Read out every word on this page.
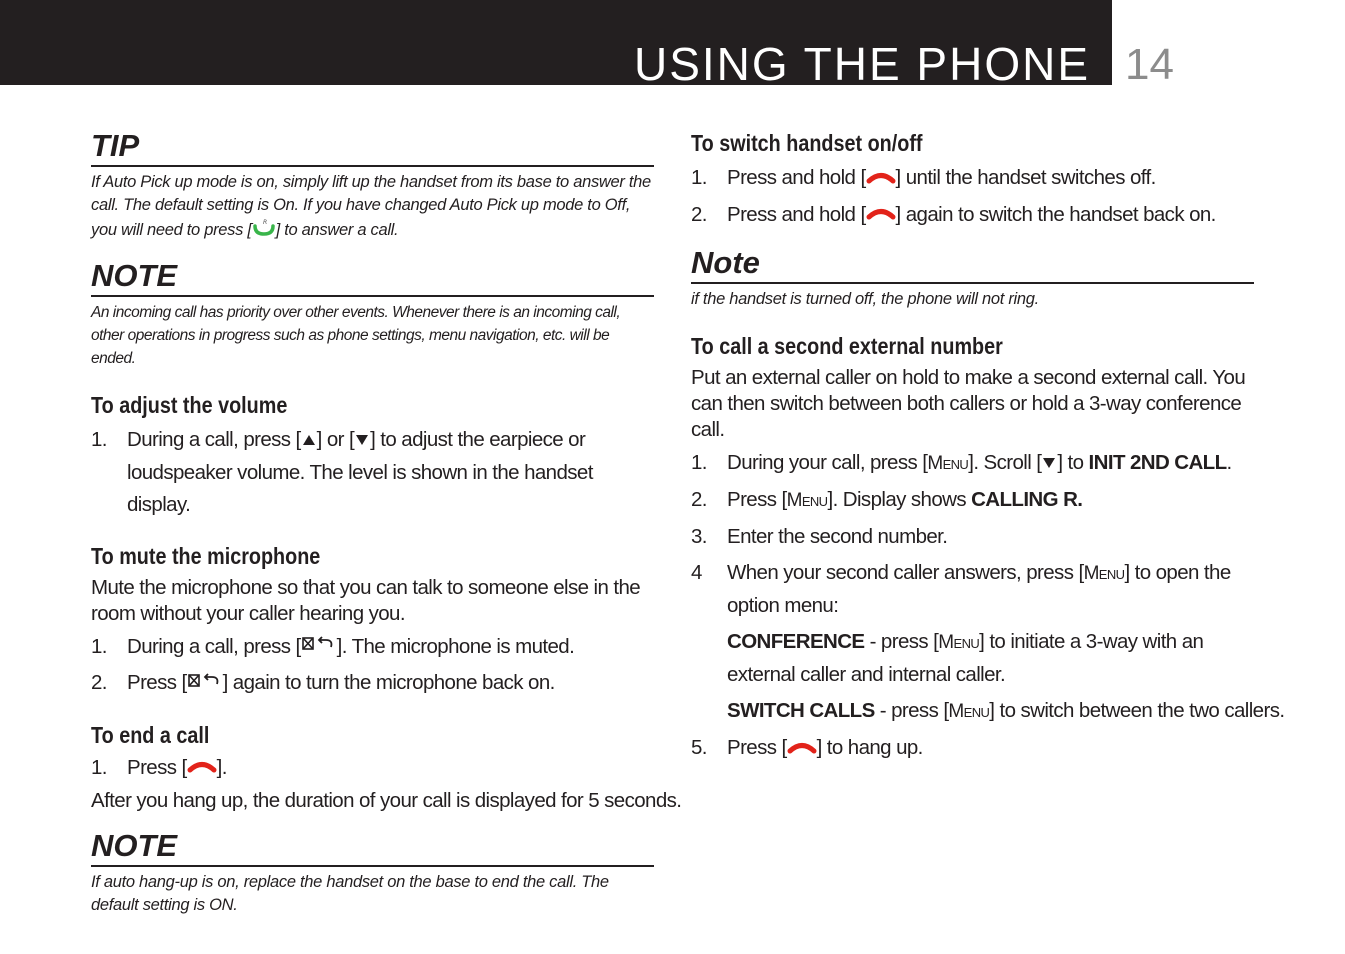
USING THE PHONE 14
TIP

If Auto Pick up mode is on, simply lift up the handset from its base to answer the call. The default setting is On. If you have changed Auto Pick up mode to Off, you will need to press [ R ] to answer a call.

NOTE

An incoming call has priority over other events. Whenever there is an incoming call, other operations in progress such as phone settings, menu navigation, etc. will be ended.

To adjust the volume
1. During a call, press [ ] or [ ] to adjust the earpiece or loudspeaker volume. The level is shown in the handset display.
To mute the microphone

Mute the microphone so that you can talk to someone else in the room without your caller hearing you.

1. During a call, press [ ]. The microphone is muted.
2. Press [ ] again to turn the microphone back on.
To end a call
1. Press [ ].

After you hang up, the duration of your call is displayed for 5 seconds.

NOTE

If auto hang-up is on, replace the handset on the base to end the call. The default setting is ON.

To switch handset on/off
1. Press and hold [ ] until the handset switches off.
2. Press and hold [ ] again to switch the handset back on.
Note

if the handset is turned off, the phone will not ring.

To call a second external number

Put an external caller on hold to make a second external call. You can then switch between both callers or hold a 3-way conference call.

1. During your call, press [Menu]. Scroll [ ] to INIT 2ND CALL.
2. Press [Menu]. Display shows CALLING R.
3. Enter the second number.
4	When your second caller answers, press [Menu] to open the option menu:
CONFERENCE - press [Menu] to initiate a 3-way with an external caller and internal caller.
SWITCH CALLS - press [Menu] to switch between the two callers.
5. Press [ ] to hang up.
